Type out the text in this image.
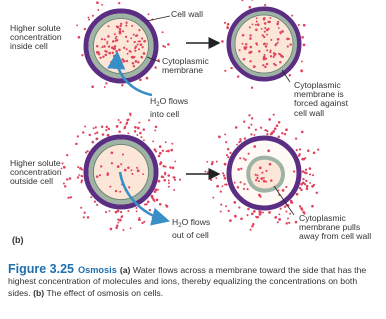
Higher solute
concentration
inside cell
Higher solute
concentration
outside cell
Cell wall
Cytoplasmic
membrane
$H_2O$ flows
into cell
Cytoplasmic
membrane is
forced against
cell wall
$H_2O$ flows
out of cell
Cytoplasmic
membrane pulls
away from cell wall
(b)
Figure 3.25 Osmosis (a) Water flows across a membrane toward the side that has the highest concentration of molecules and ions, thereby equalizing the concentrations on both sides. (b) The effect of osmosis on cells.
